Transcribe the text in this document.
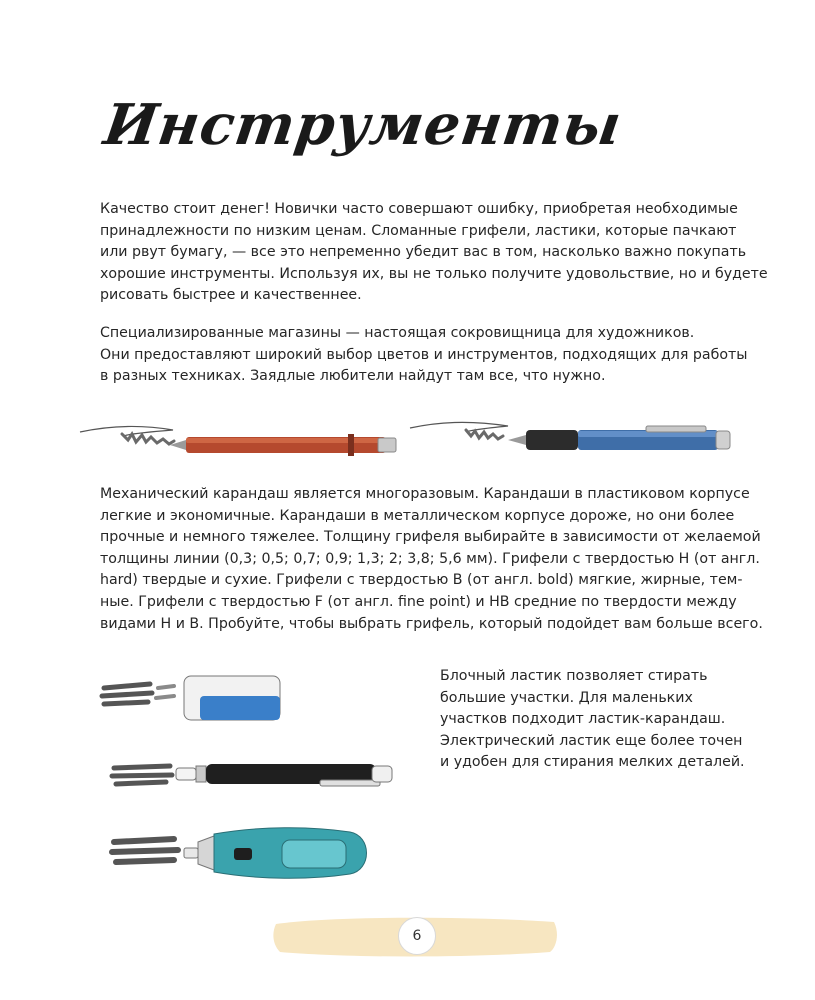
Инструменты

Качество стоит денег! Новички часто совершают ошибку, приобретая необходимые
принадлежности по низким ценам. Сломанные грифели, ластики, которые пачкают
или рвут бумагу, — все это непременно убедит вас в том, насколько важно покупать
хорошие инструменты. Используя их, вы не только получите удовольствие, но и будете
рисовать быстрее и качественнее.

Специализированные магазины — настоящая сокровищница для художников.
Они предоставляют широкий выбор цветов и инструментов, подходящих для работы
в разных техниках. Заядлые любители найдут там все, что нужно.

Механический карандаш является многоразовым. Карандаши в пластиковом корпусе
легкие и экономичные. Карандаши в металлическом корпусе дороже, но они более
прочные и немного тяжелее. Толщину грифеля выбирайте в зависимости от желаемой
толщины линии (0,3; 0,5; 0,7; 0,9; 1,3; 2; 3,8; 5,6 мм). Грифели с твердостью H (от англ.
hard) твердые и сухие. Грифели с твердостью B (от англ. bold) мягкие, жирные, тем-
ные. Грифели с твердостью F (от англ. fine point) и HB средние по твердости между
видами H и B. Пробуйте, чтобы выбрать грифель, который подойдет вам больше всего.

Блочный ластик позволяет стирать
большие участки. Для маленьких
участков подходит ластик-карандаш.
Электрический ластик еще более точен
и удобен для стирания мелких деталей.

6
